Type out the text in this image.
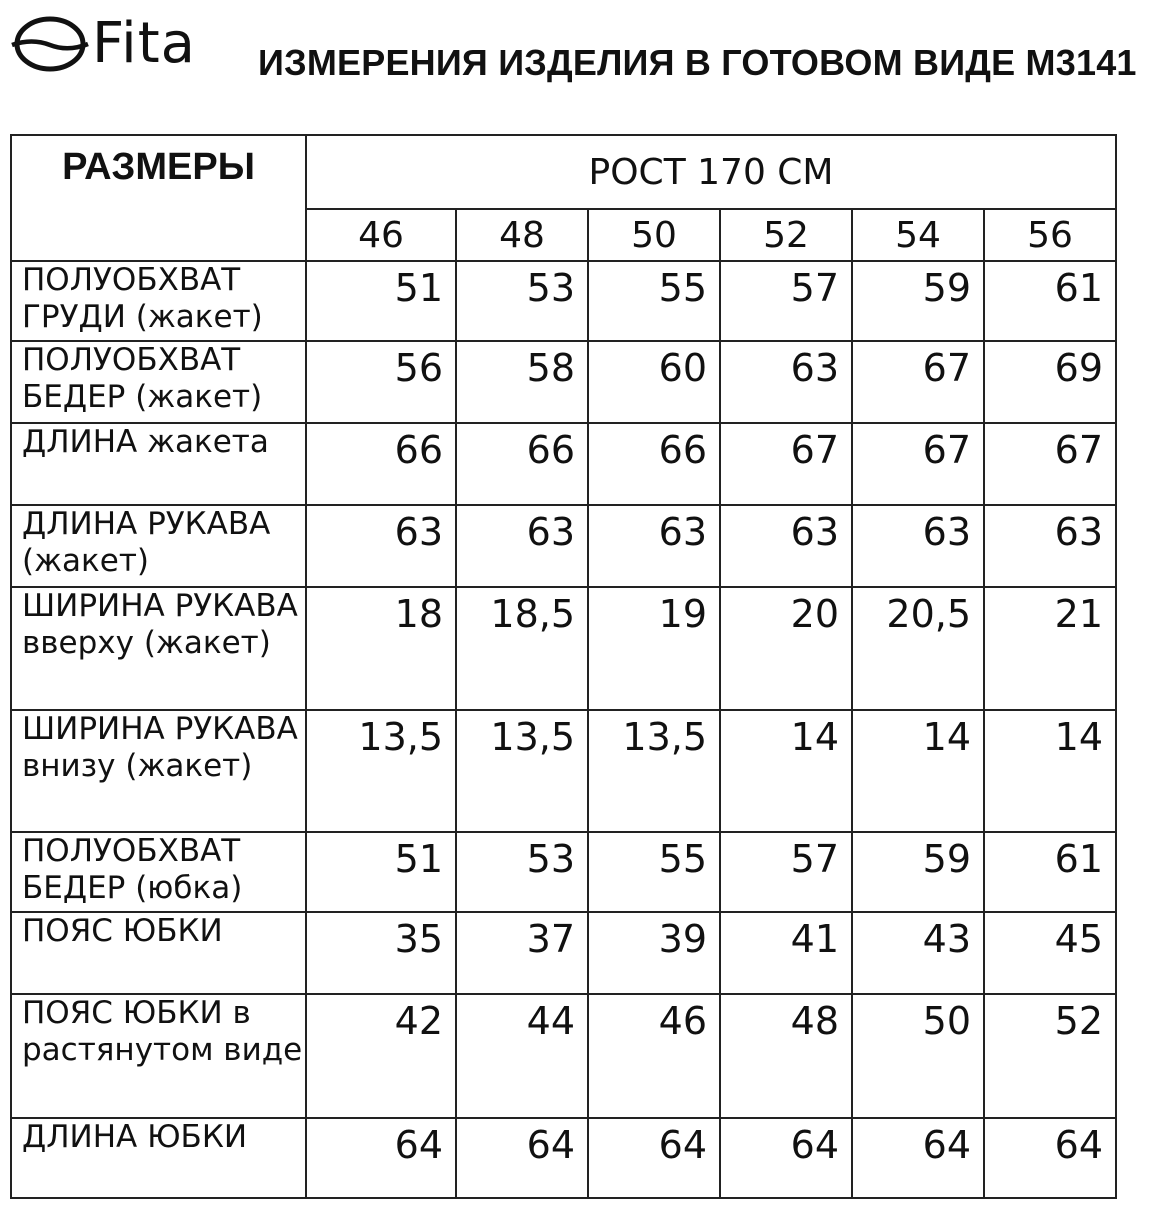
Fita ИЗМЕРЕНИЯ ИЗДЕЛИЯ В ГОТОВОМ ВИДЕ М3141
РАЗМЕРЫ	РОСТ 170 СМ					
	46	48	50	52	54	56
ПОЛУОБХВАТ ГРУДИ (жакет)	51	53	55	57	59	61
ПОЛУОБХВАТ БЕДЕР (жакет)	56	58	60	63	67	69
ДЛИНА жакета	66	66	66	67	67	67
ДЛИНА РУКАВА (жакет)	63	63	63	63	63	63
ШИРИНА РУКАВА вверху (жакет)	18	18,5	19	20	20,5	21
ШИРИНА РУКАВА внизу (жакет)	13,5	13,5	13,5	14	14	14
ПОЛУОБХВАТ БЕДЕР (юбка)	51	53	55	57	59	61
ПОЯС ЮБКИ	35	37	39	41	43	45
ПОЯС ЮБКИ в растянутом виде	42	44	46	48	50	52
ДЛИНА ЮБКИ	64	64	64	64	64	64
